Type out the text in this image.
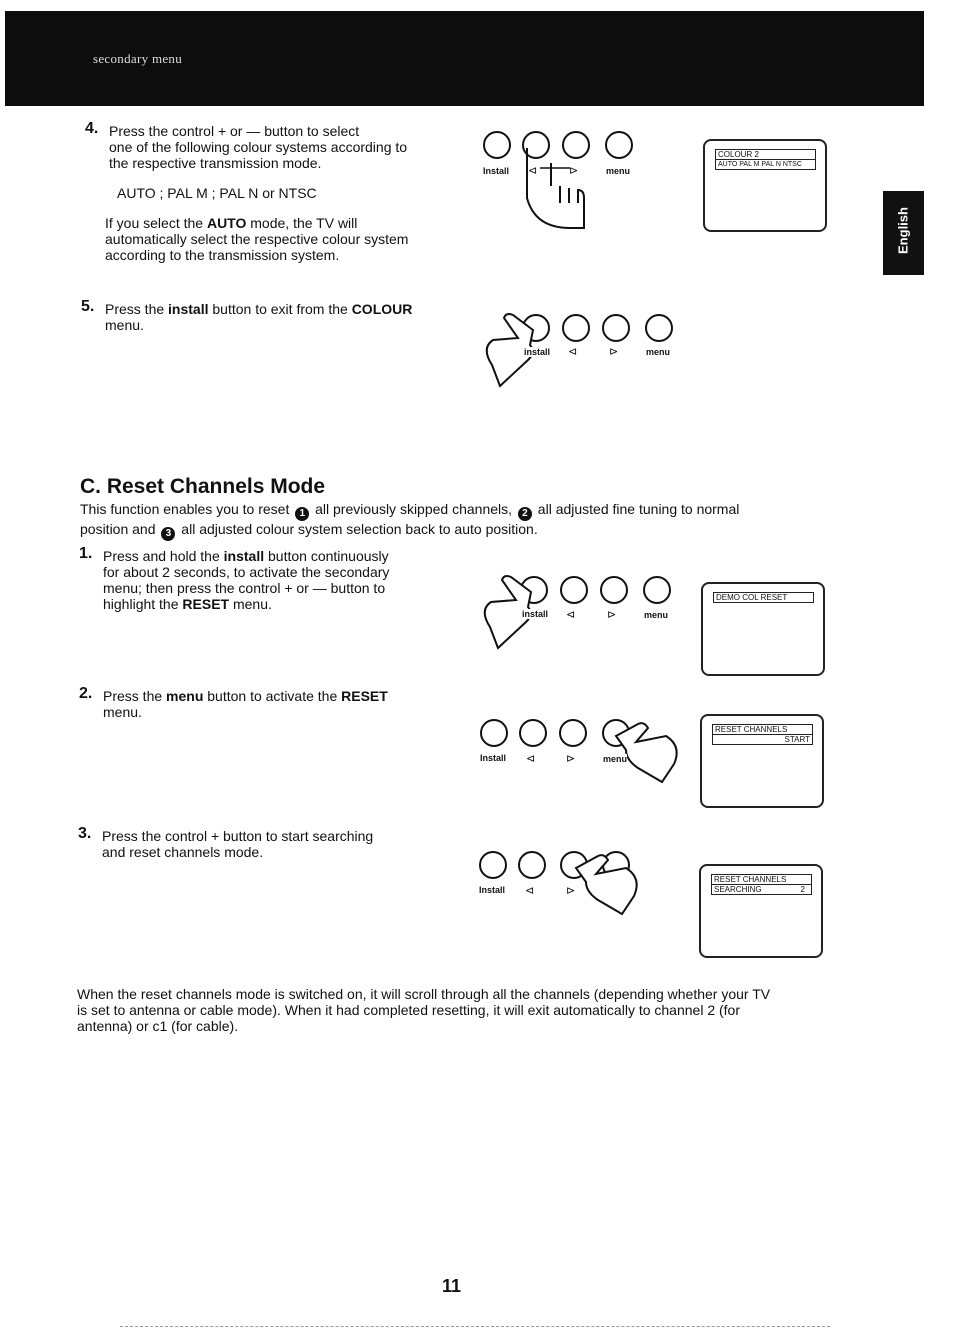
secondary menu
English
4. Press the control + or — button to select

one of the following colour systems according to

the respective transmission mode.

AUTO ; PAL M ; PAL N or NTSC

If you select the AUTO mode, the TV will

automatically select the respective colour system

according to the transmission system.

Install ⊲	⊳	menu
COLOUR 2
AUTO PAL M PAL N NTSC
5. Press the install button to exit from the COLOUR

menu.

install ⊲	⊳	menu
C. Reset Channels Mode

This function enables you to reset 1 all previously skipped channels, 2 all adjusted fine tuning to normal

position and 3 all adjusted colour system selection back to auto position.

1. Press and hold the install button continuously

for about 2 seconds, to activate the secondary

menu; then press the control + or — button to

highlight the RESET menu.

install ⊲	⊳	menu
DEMO COL RESET
2. Press the menu button to activate the RESET

menu.

Install ⊲	⊳	menu
RESET CHANNELS
START
3. Press the control + button to start searching

and reset channels mode.

Install ⊲	⊳
RESET CHANNELS
SEARCHING	2

When the reset channels mode is switched on, it will scroll through all the channels (depending whether your TV

is set to antenna or cable mode). When it had completed resetting, it will exit automatically to channel 2 (for

antenna) or c1 (for cable).

11
